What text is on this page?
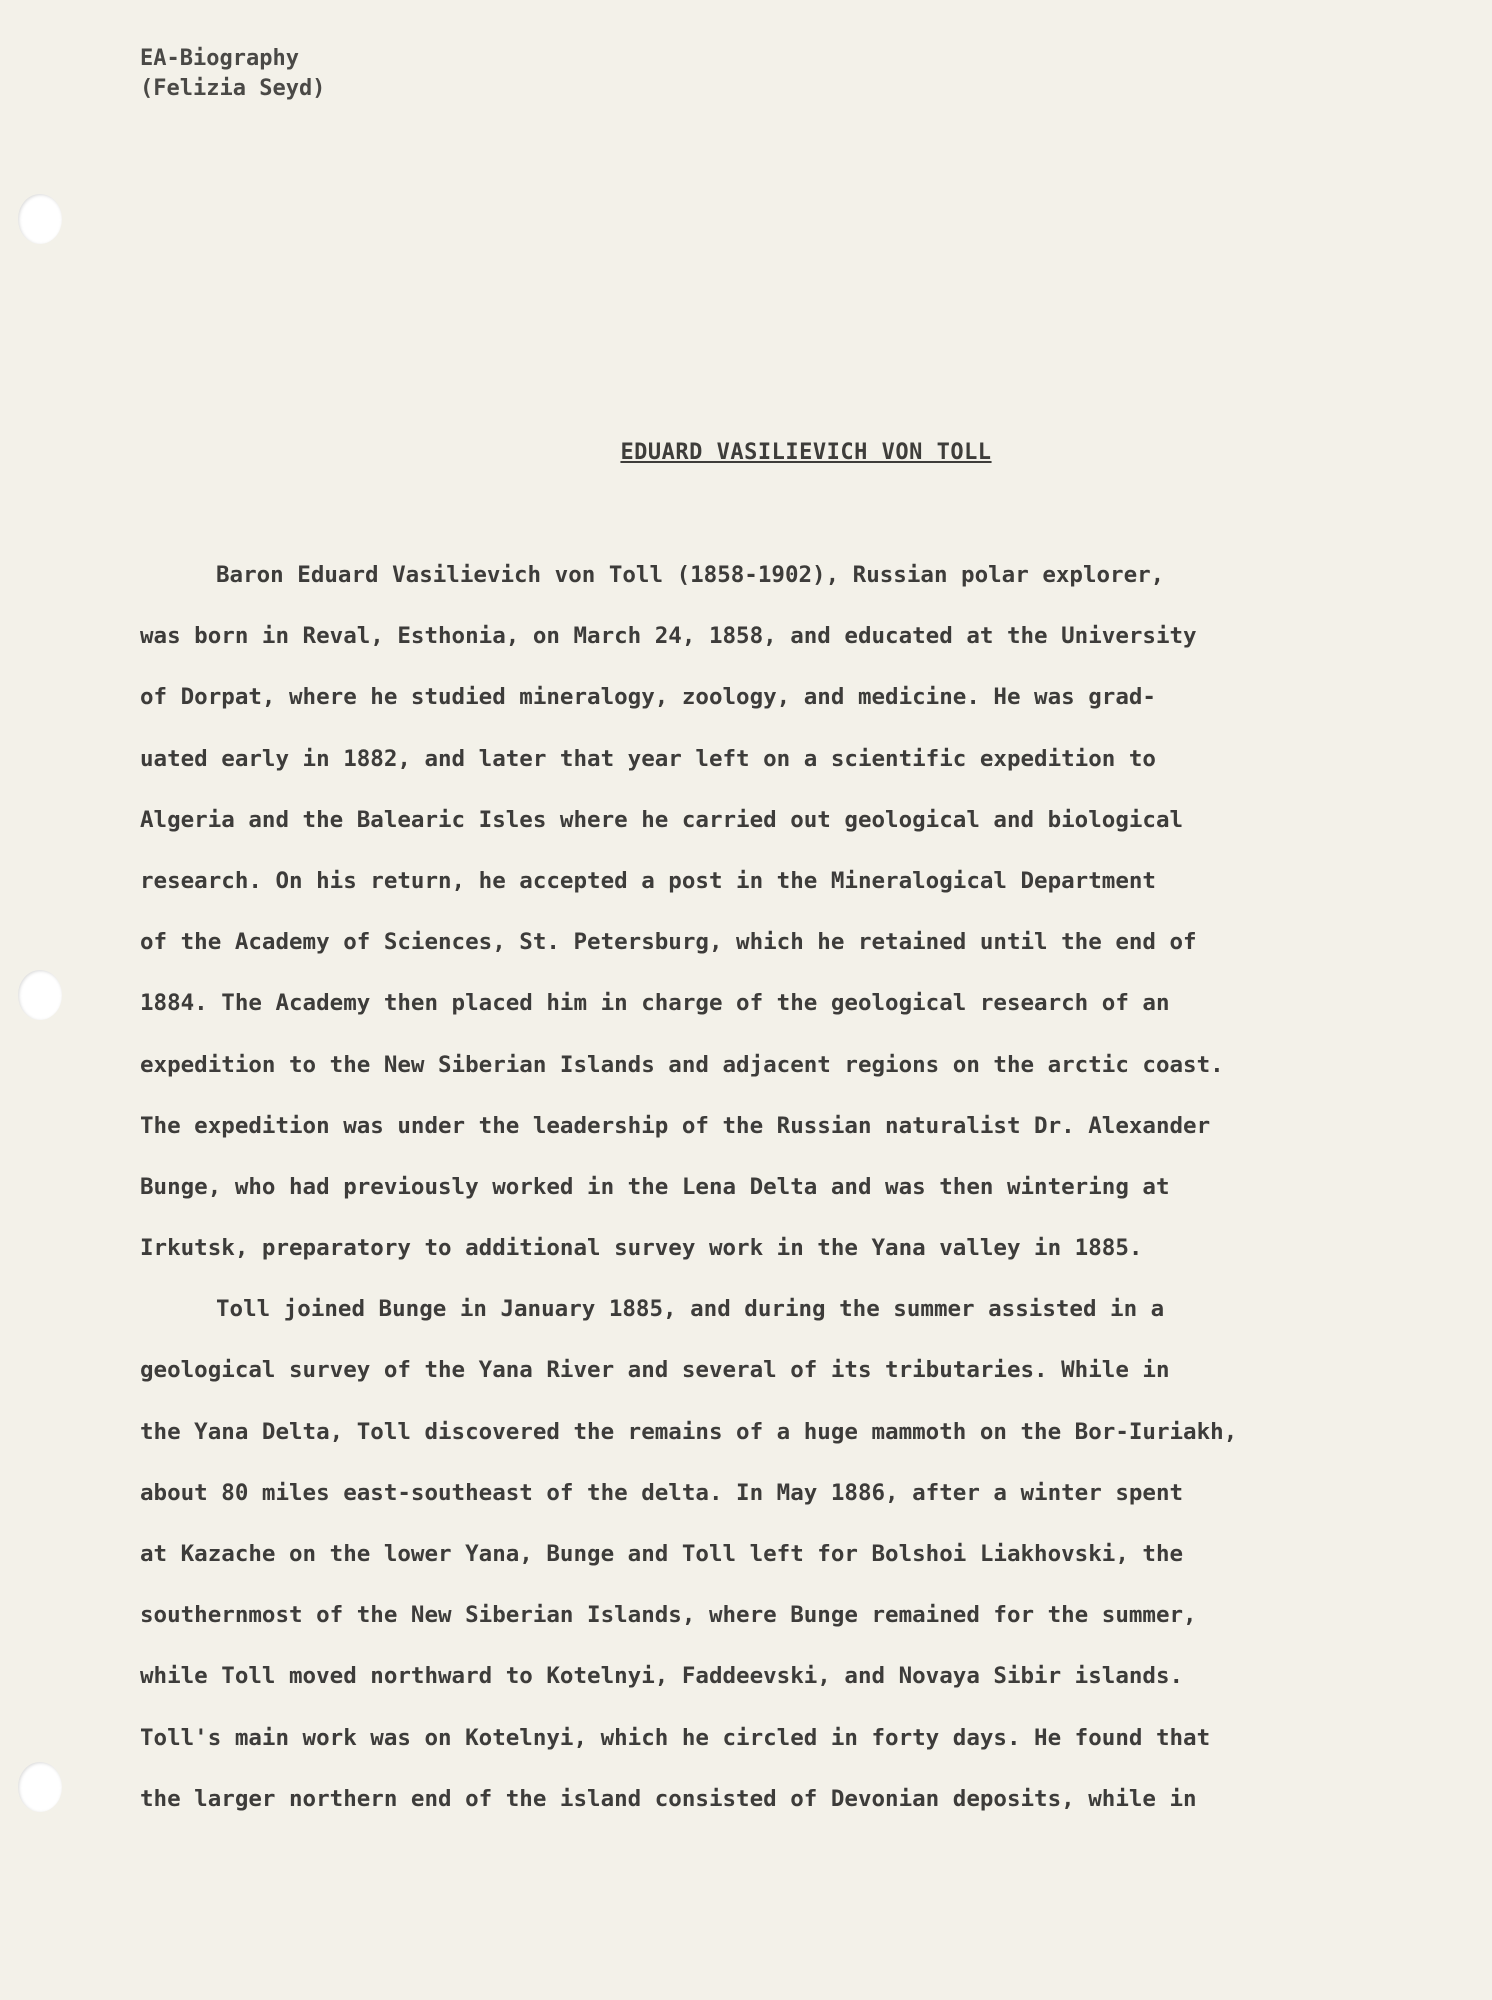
EA-Biography
(Felizia Seyd)
EDUARD VASILIEVICH VON TOLL
Baron Eduard Vasilievich von Toll (1858-1902), Russian polar explorer,
was born in Reval, Esthonia, on March 24, 1858, and educated at the University
of Dorpat, where he studied mineralogy, zoology, and medicine. He was grad-
uated early in 1882, and later that year left on a scientific expedition to
Algeria and the Balearic Isles where he carried out geological and biological
research. On his return, he accepted a post in the Mineralogical Department
of the Academy of Sciences, St. Petersburg, which he retained until the end of
1884. The Academy then placed him in charge of the geological research of an
expedition to the New Siberian Islands and adjacent regions on the arctic coast.
The expedition was under the leadership of the Russian naturalist Dr. Alexander
Bunge, who had previously worked in the Lena Delta and was then wintering at
Irkutsk, preparatory to additional survey work in the Yana valley in 1885.
Toll joined Bunge in January 1885, and during the summer assisted in a
geological survey of the Yana River and several of its tributaries. While in
the Yana Delta, Toll discovered the remains of a huge mammoth on the Bor-Iuriakh,
about 80 miles east-southeast of the delta. In May 1886, after a winter spent
at Kazache on the lower Yana, Bunge and Toll left for Bolshoi Liakhovski, the
southernmost of the New Siberian Islands, where Bunge remained for the summer,
while Toll moved northward to Kotelnyi, Faddeevski, and Novaya Sibir islands.
Toll's main work was on Kotelnyi, which he circled in forty days. He found that
the larger northern end of the island consisted of Devonian deposits, while in
